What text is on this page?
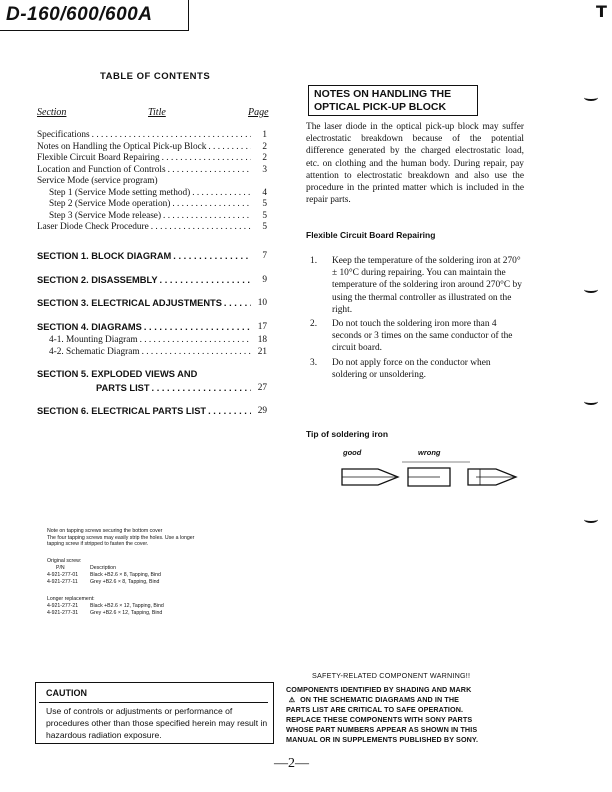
D-160/600/600A
TABLE OF CONTENTS
Section	Title	Page
Specifications . . .	1
Notes on Handling the Optical Pick-up Block . . .	2
Flexible Circuit Board Repairing . . .	2
Location and Function of Controls . . .	3
Service Mode (service program)
Step 1 (Service Mode setting method) . . .	4
Step 2 (Service Mode operation) . . .	5
Step 3 (Service Mode release) . . .	5
Laser Diode Check Procedure . . .	5
SECTION 1. BLOCK DIAGRAM . . .	7
SECTION 2. DISASSEMBLY . . .	9
SECTION 3. ELECTRICAL ADJUSTMENTS . . .	10
SECTION 4. DIAGRAMS . . .	17
4-1. Mounting Diagram . . .	18
4-2. Schematic Diagram . . .	21
SECTION 5. EXPLODED VIEWS AND
PARTS LIST . . .	27
SECTION 6. ELECTRICAL PARTS LIST . . .	29
NOTES ON HANDLING THE
OPTICAL PICK-UP BLOCK
The laser diode in the optical pick-up block may suffer electrostatic breakdown because of the potential difference generated by the charged electrostatic load, etc. on clothing and the human body. During repair, pay attention to electrostatic breakdown and also use the procedure in the printed matter which is included in the repair parts.
Flexible Circuit Board Repairing
1.	Keep the temperature of the soldering iron at 270° ± 10°C during repairing. You can maintain the temperature of the soldering iron around 270°C by using the thermal controller as illustrated on the right.
2.	Do not touch the soldering iron more than 4 seconds or 3 times on the same conductor of the circuit board.
3.	Do not apply force on the conductor when soldering or unsoldering.
Tip of soldering iron
good	wrong
Note on tapping screws securing the bottom cover
The four tapping screws may easily strip the holes. Use a longer
tapping screw if stripped to fasten the cover.
Original screw:
P/N	Description
4-921-277-01 Black +B2.6 × 8, Tapping, Bind
4-921-277-11 Grey +B2.6 × 8, Tapping, Bind
Longer replacement:
4-921-277-21 Black +B2.6 × 12, Tapping, Bind
4-921-277-31 Grey +B2.6 × 12, Tapping, Bind
CAUTION
Use of controls or adjustments or performance of procedures other than those specified herein may result in hazardous radiation exposure.
SAFETY-RELATED COMPONENT WARNING!!
COMPONENTS IDENTIFIED BY SHADING AND MARK
⚠ ON THE SCHEMATIC DIAGRAMS AND IN THE
PARTS LIST ARE CRITICAL TO SAFE OPERATION.
REPLACE THESE COMPONENTS WITH SONY PARTS
WHOSE PART NUMBERS APPEAR AS SHOWN IN THIS
MANUAL OR IN SUPPLEMENTS PUBLISHED BY SONY.
—2—
T
